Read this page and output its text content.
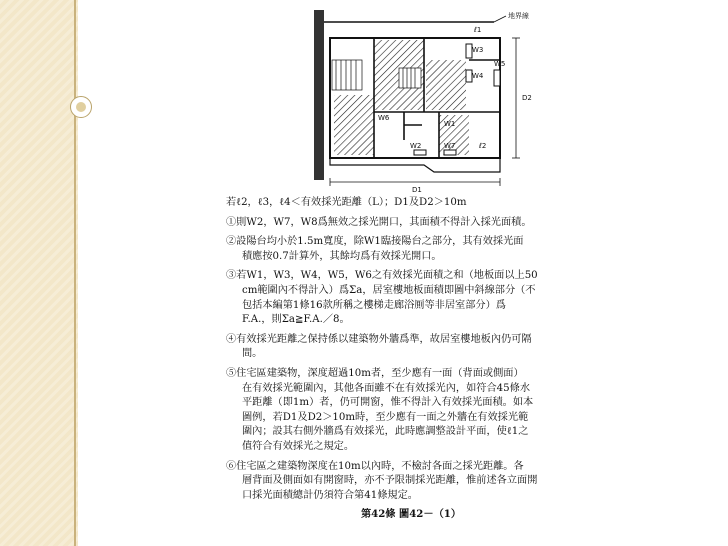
地界線
ℓ1
W3
W4
W5
W6
W1
W2	W7	ℓ2
D1
D2
若ℓ2，ℓ3，ℓ4＜有效採光距離（L）；D1及D2＞10m
①則W2，W7，W8爲無效之採光開口，其面積不得計入採光面積。
②設陽台均小於1.5m寬度，除W1臨接陽台之部分，其有效採光面
積應按0.7計算外，其餘均爲有效採光開口。
③若W1，W3，W4，W5，W6之有效採光面積之和（地板面以上50
cm範圍內不得計入）爲Σa，居室樓地板面積即圖中斜線部分（不
包括本編第1條16款所稱之樓梯走廊浴厠等非居室部分）爲
F.A.，則Σa≧F.A.／8。
④有效採光距離之保持係以建築物外牆爲準，故居室樓地板內仍可隔
間。
⑤住宅區建築物，深度超過10m者，至少應有一面（背面或側面）
在有效採光範圍內，其他各面雖不在有效採光內，如符合45條水
平距離（即1m）者，仍可開窗，惟不得計入有效採光面積。如本
圖例，若D1及D2＞10m時，至少應有一面之外牆在有效採光範
圍內；設其右側外牆爲有效採光，此時應調整設計平面，使ℓ1之
值符合有效採光之規定。
⑥住宅區之建築物深度在10m以內時，不檢討各面之採光距離。各
層背面及側面如有開窗時，亦不予限制採光距離，惟前述各立面開
口採光面積總計仍須符合第41條規定。
第42條 圖42－（1）
